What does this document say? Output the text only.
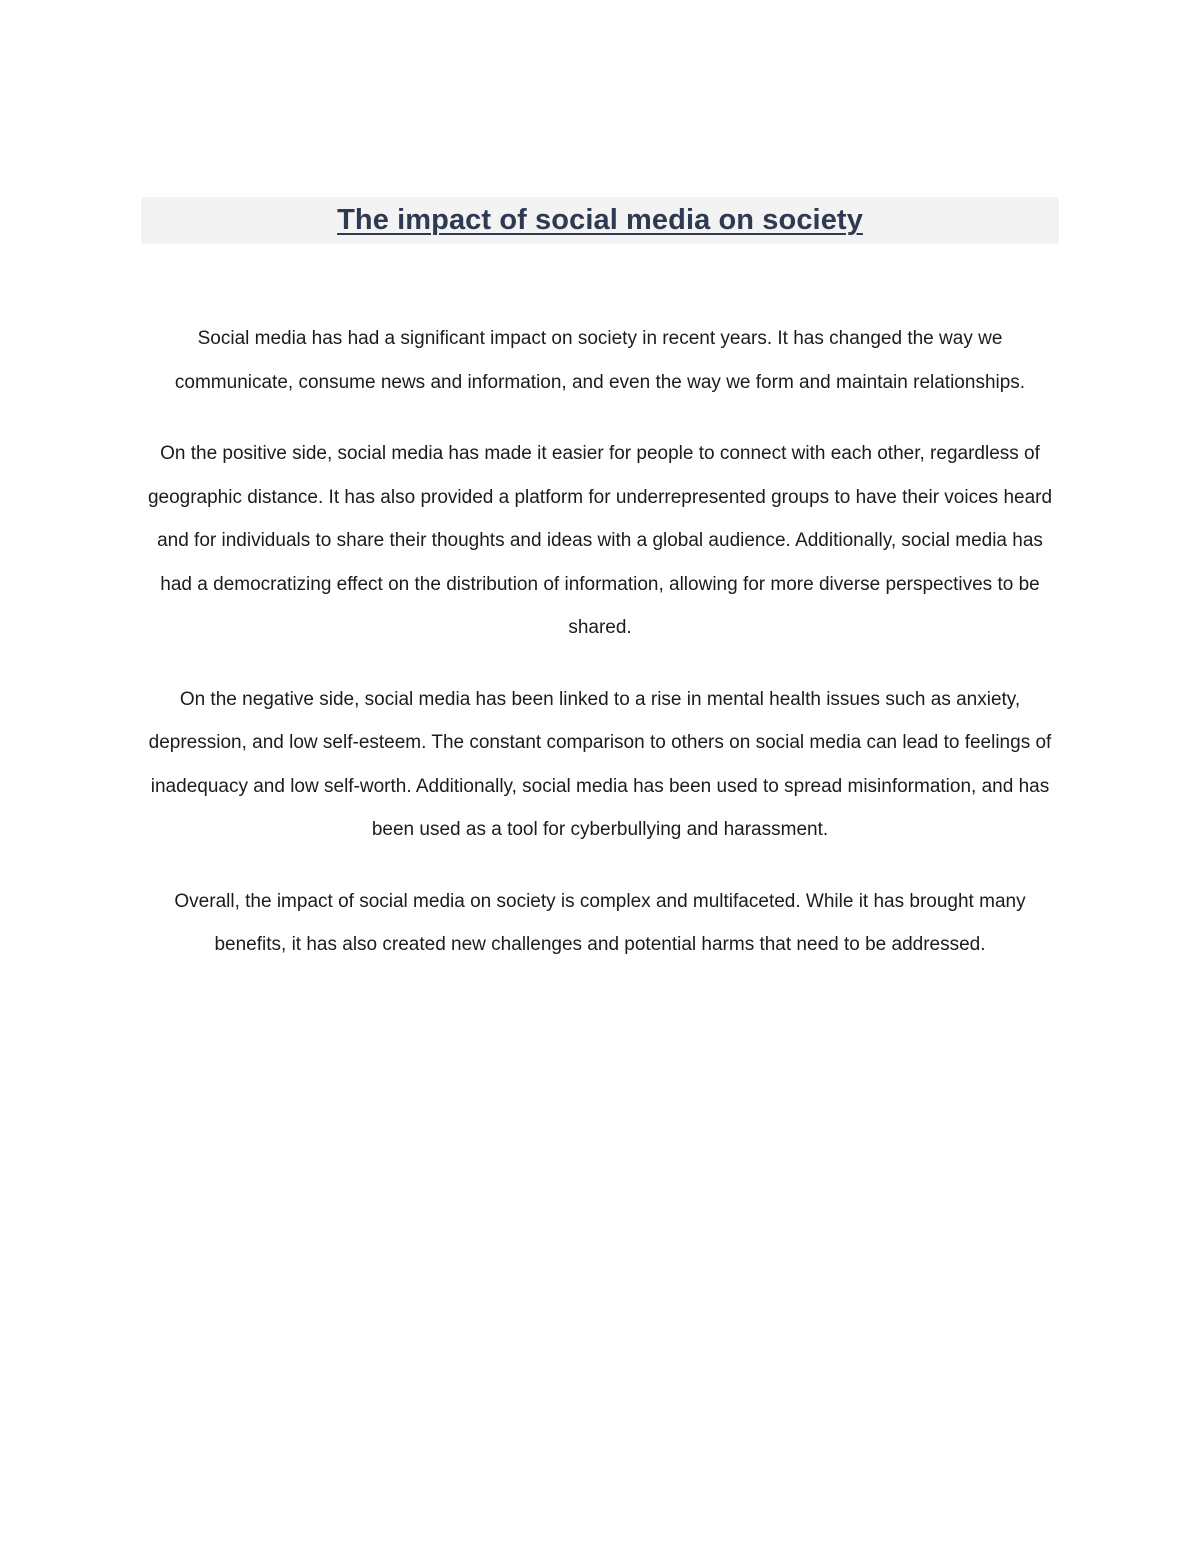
The impact of social media on society

Social media has had a significant impact on society in recent years. It has changed the way we communicate, consume news and information, and even the way we form and maintain relationships.

On the positive side, social media has made it easier for people to connect with each other, regardless of geographic distance. It has also provided a platform for underrepresented groups to have their voices heard and for individuals to share their thoughts and ideas with a global audience. Additionally, social media has had a democratizing effect on the distribution of information, allowing for more diverse perspectives to be shared.

On the negative side, social media has been linked to a rise in mental health issues such as anxiety, depression, and low self-esteem. The constant comparison to others on social media can lead to feelings of inadequacy and low self-worth. Additionally, social media has been used to spread misinformation, and has been used as a tool for cyberbullying and harassment.

Overall, the impact of social media on society is complex and multifaceted. While it has brought many benefits, it has also created new challenges and potential harms that need to be addressed.
